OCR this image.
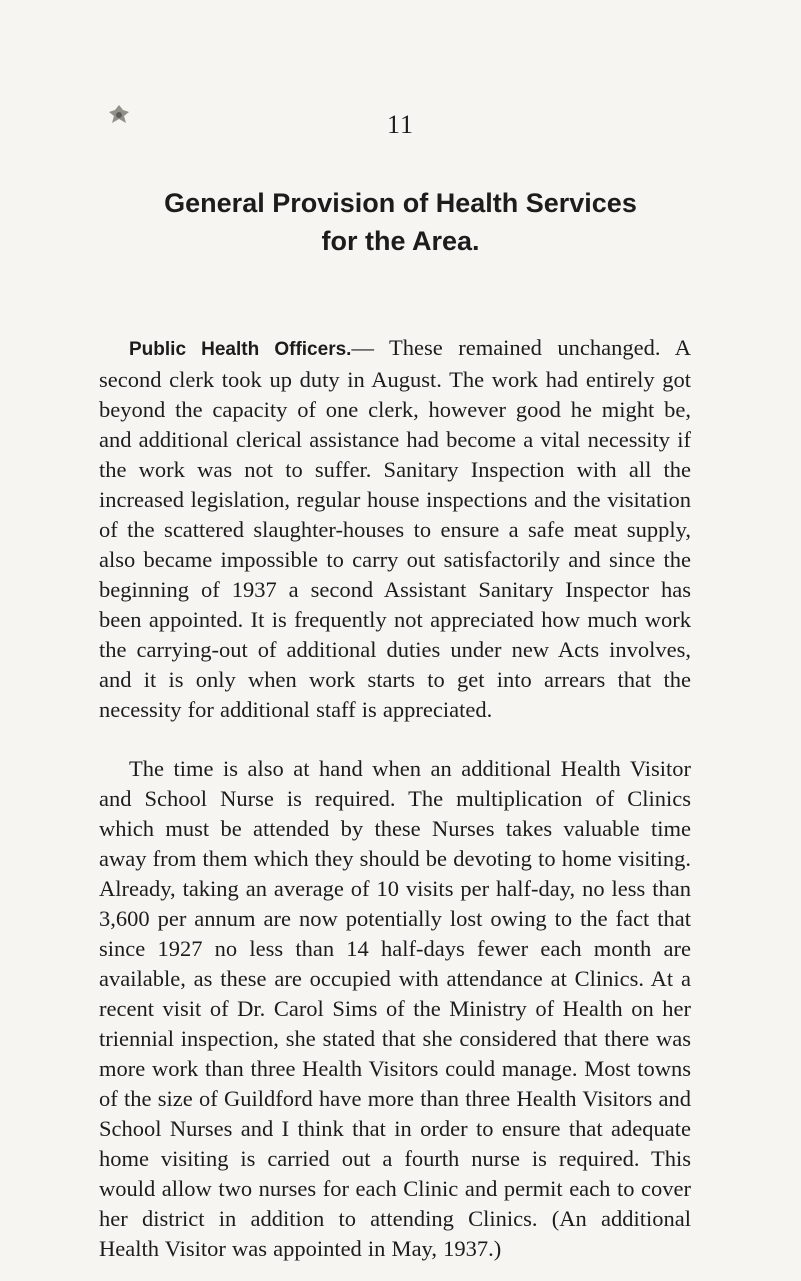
11
General Provision of Health Services
for the Area.

Public Health Officers.— These remained unchanged. A second clerk took up duty in August. The work had entirely got beyond the capacity of one clerk, however good he might be, and additional clerical assistance had become a vital necessity if the work was not to suffer. Sanitary Inspection with all the increased legislation, regular house inspections and the visitation of the scattered slaughter-houses to ensure a safe meat supply, also became impossible to carry out satisfactorily and since the beginning of 1937 a second Assistant Sanitary Inspector has been appointed. It is frequently not appreciated how much work the carrying-out of additional duties under new Acts involves, and it is only when work starts to get into arrears that the necessity for additional staff is appreciated.

The time is also at hand when an additional Health Visitor and School Nurse is required. The multiplication of Clinics which must be attended by these Nurses takes valuable time away from them which they should be devoting to home visiting. Already, taking an average of 10 visits per half-day, no less than 3,600 per annum are now potentially lost owing to the fact that since 1927 no less than 14 half-days fewer each month are available, as these are occupied with attendance at Clinics. At a recent visit of Dr. Carol Sims of the Ministry of Health on her triennial inspection, she stated that she considered that there was more work than three Health Visitors could manage. Most towns of the size of Guildford have more than three Health Visitors and School Nurses and I think that in order to ensure that adequate home visiting is carried out a fourth nurse is required. This would allow two nurses for each Clinic and permit each to cover her district in addition to attending Clinics. (An additional Health Visitor was appointed in May, 1937.)
